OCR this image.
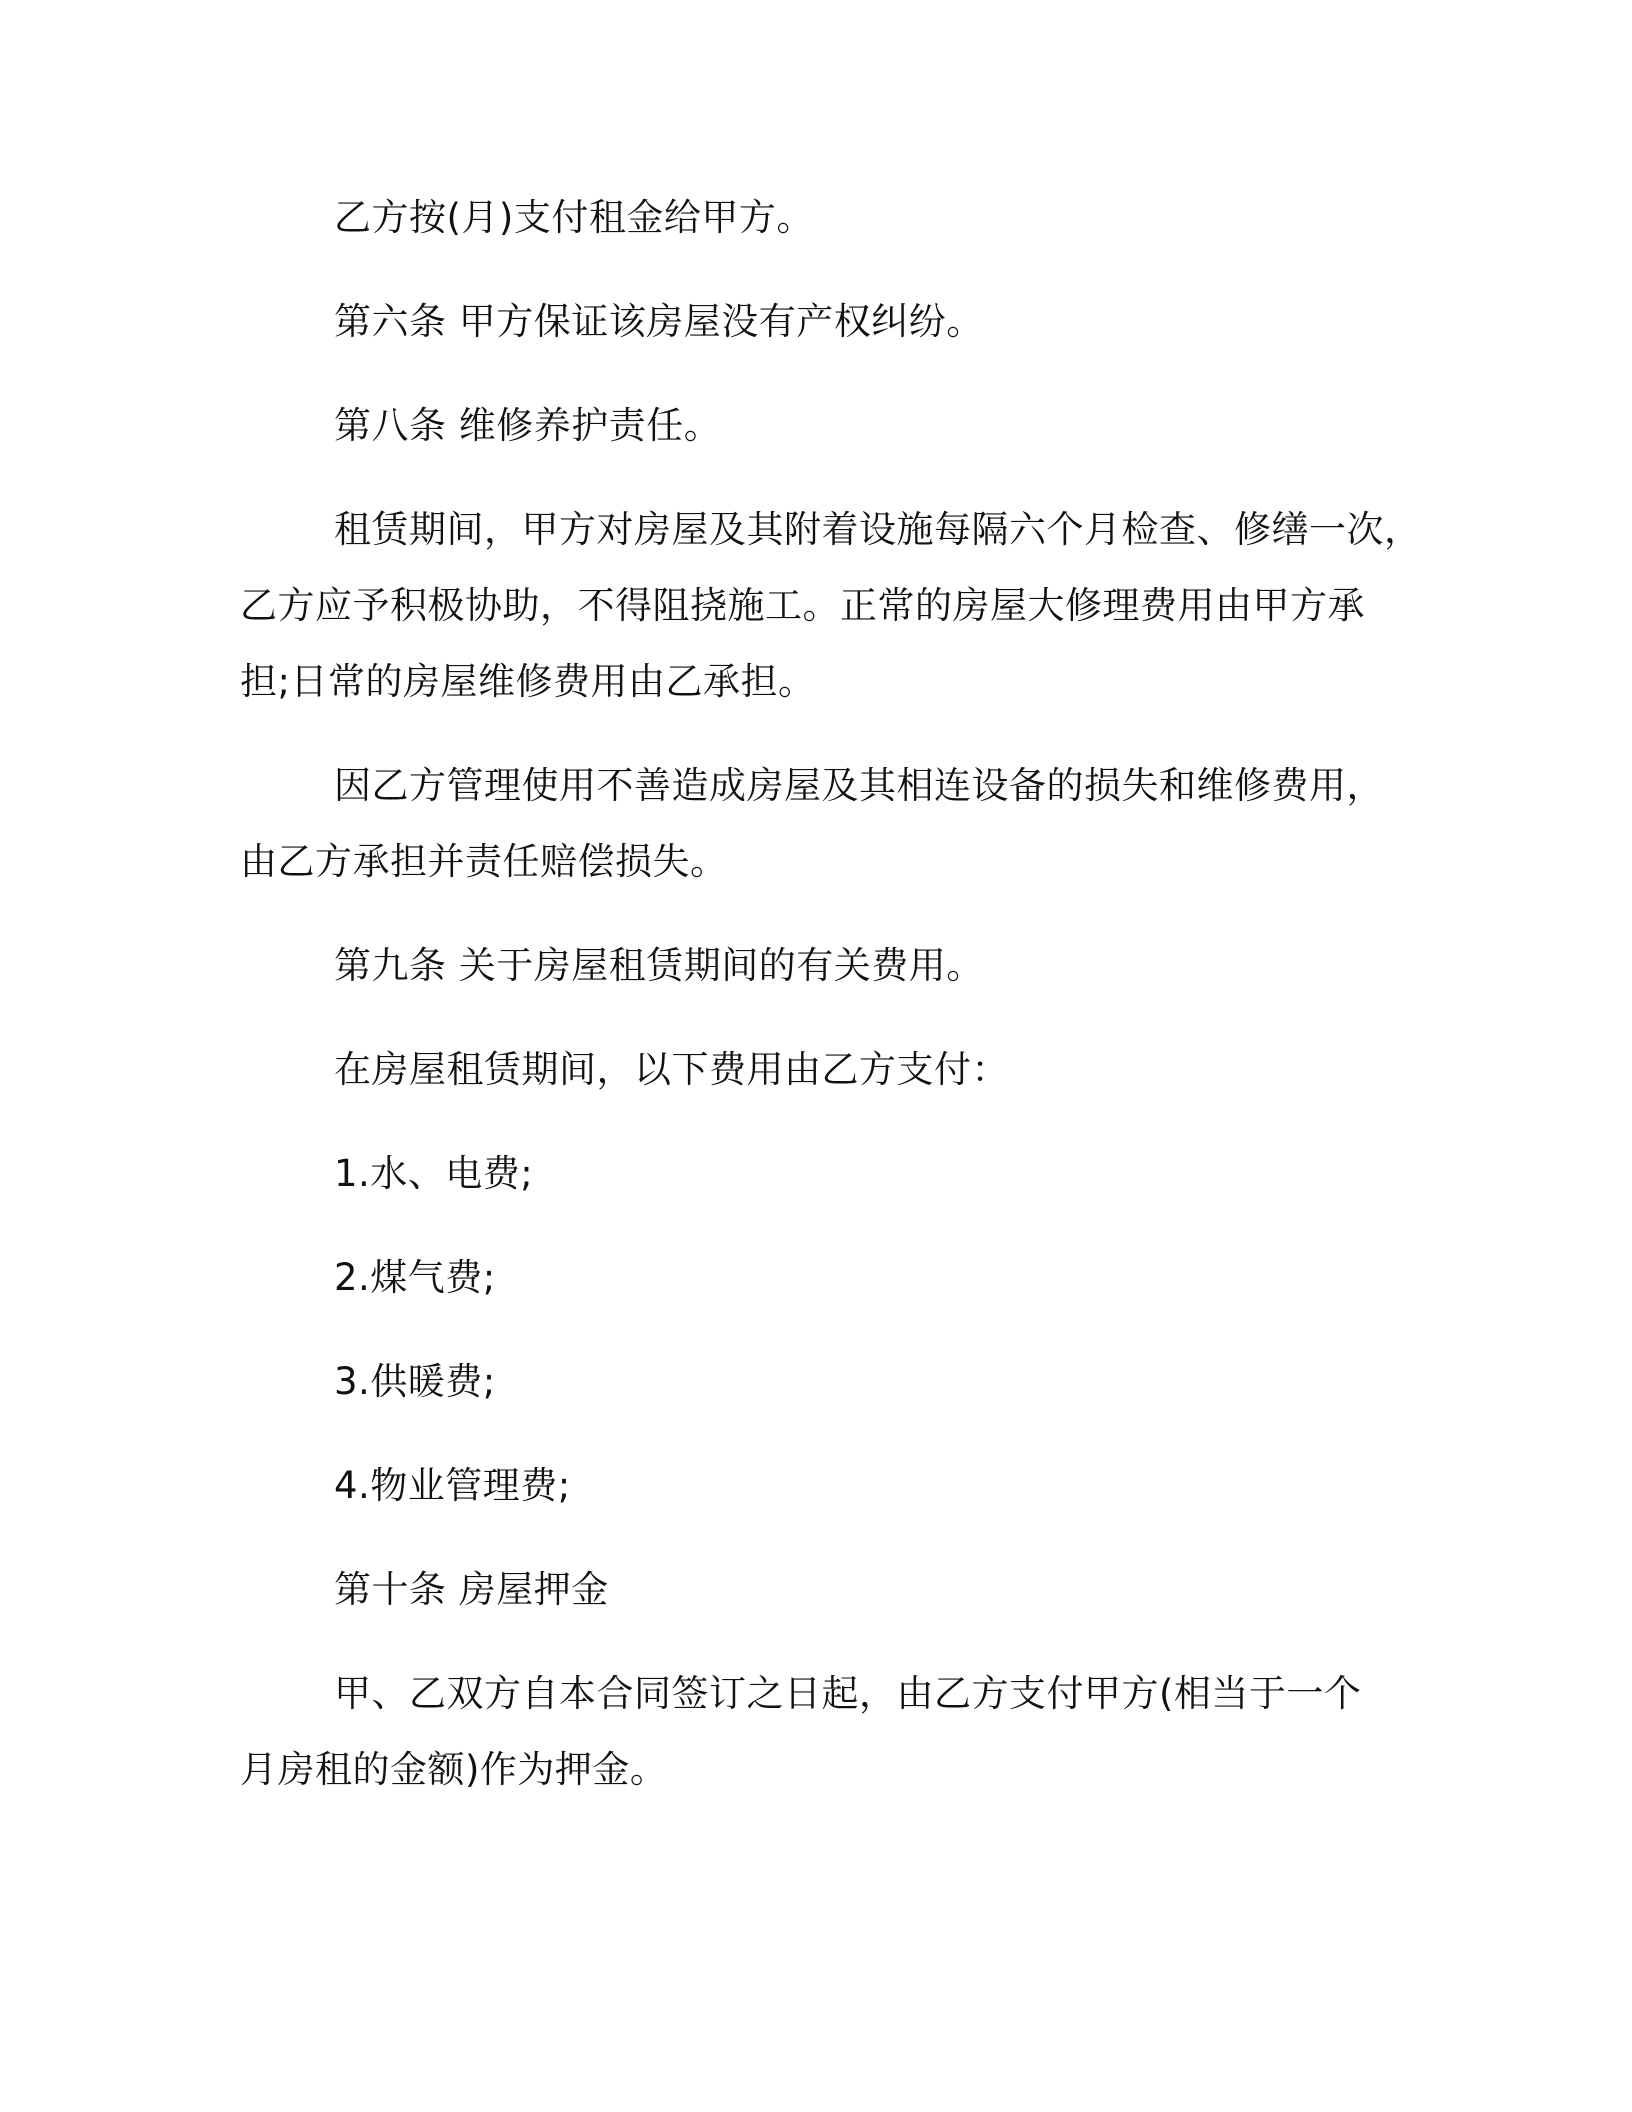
乙方按(月)支付租金给甲方。

第六条 甲方保证该房屋没有产权纠纷。

第八条 维修养护责任。

租赁期间，甲方对房屋及其附着设施每隔六个月检查、修缮一次，

乙方应予积极协助，不得阻挠施工。正常的房屋大修理费用由甲方承

担;日常的房屋维修费用由乙承担。

因乙方管理使用不善造成房屋及其相连设备的损失和维修费用，

由乙方承担并责任赔偿损失。

第九条 关于房屋租赁期间的有关费用。

在房屋租赁期间，以下费用由乙方支付：

1.水、电费;

2.煤气费;

3.供暖费;

4.物业管理费;

第十条 房屋押金

甲、乙双方自本合同签订之日起，由乙方支付甲方(相当于一个

月房租的金额)作为押金。
